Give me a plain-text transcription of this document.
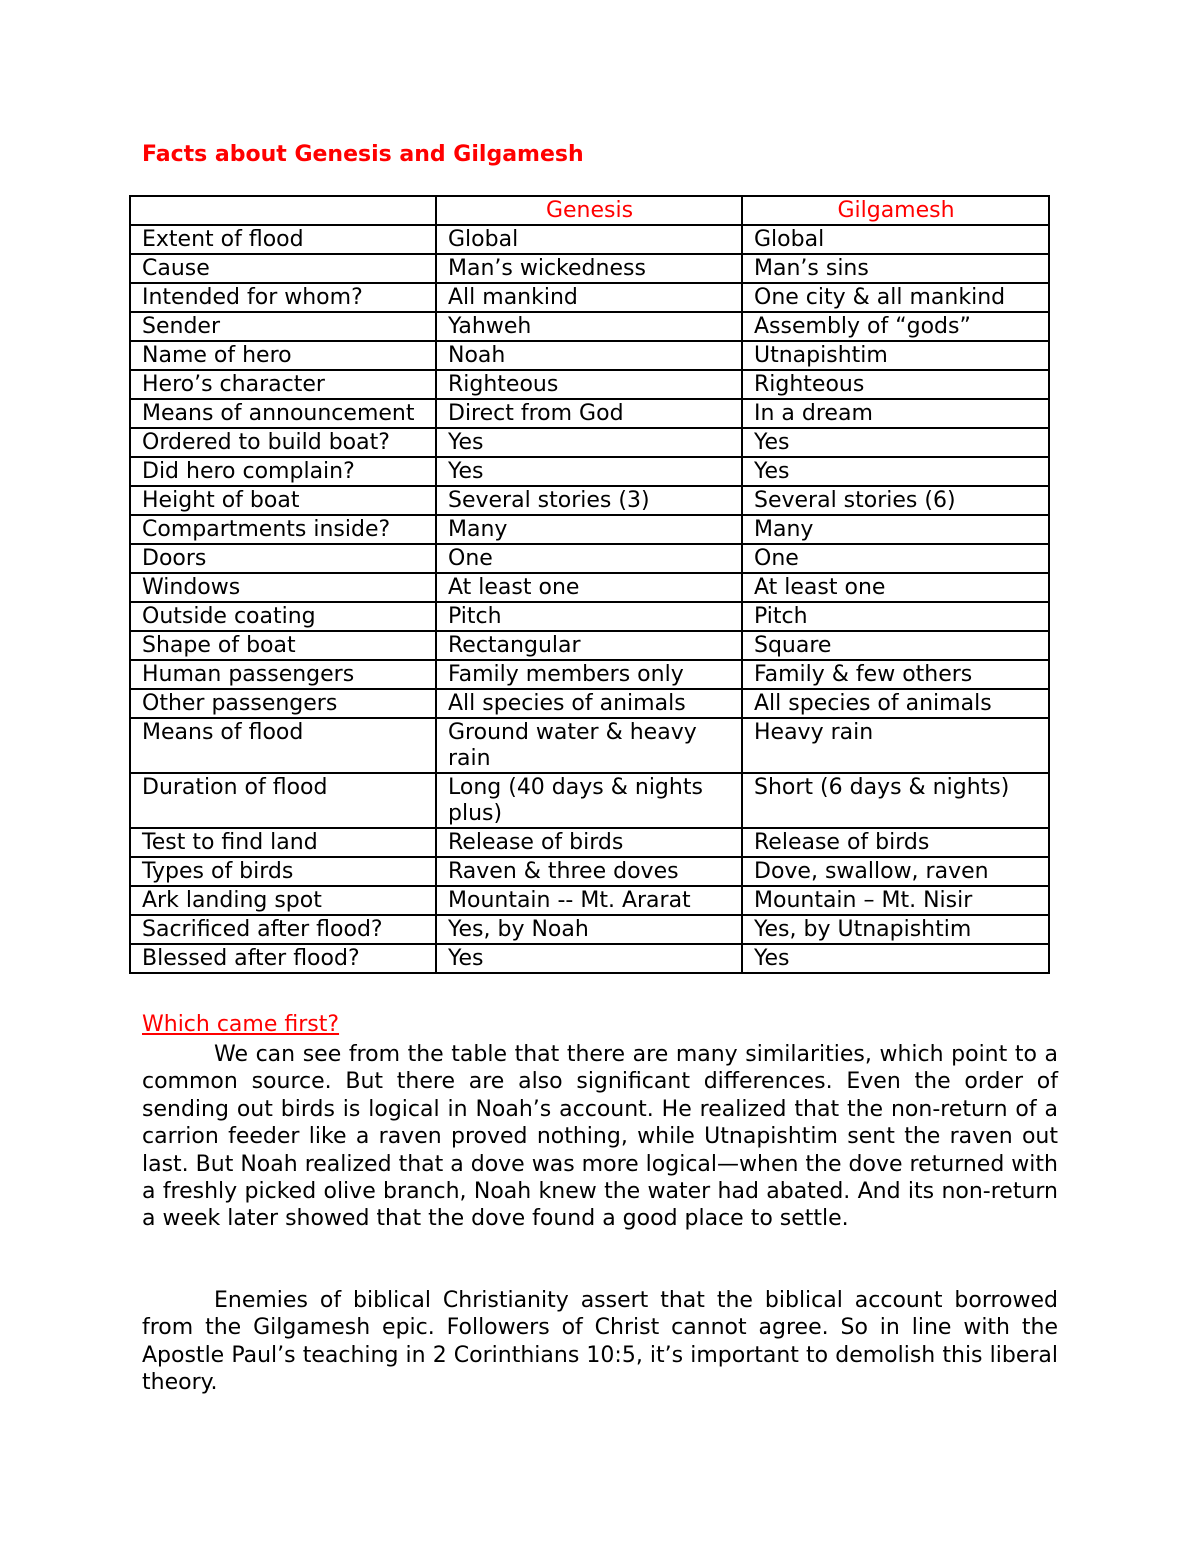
Facts about Genesis and Gilgamesh
	Genesis	Gilgamesh
Extent of flood	Global	Global
Cause	Man’s wickedness	Man’s sins
Intended for whom?	All mankind	One city & all mankind
Sender	Yahweh	Assembly of “gods”
Name of hero	Noah	Utnapishtim
Hero’s character	Righteous	Righteous
Means of announcement	Direct from God	In a dream
Ordered to build boat?	Yes	Yes
Did hero complain?	Yes	Yes
Height of boat	Several stories (3)	Several stories (6)
Compartments inside?	Many	Many
Doors	One	One
Windows	At least one	At least one
Outside coating	Pitch	Pitch
Shape of boat	Rectangular	Square
Human passengers	Family members only	Family & few others
Other passengers	All species of animals	All species of animals
Means of flood	Ground water & heavy rain	Heavy rain
Duration of flood	Long (40 days & nights plus)	Short (6 days & nights)
Test to find land	Release of birds	Release of birds
Types of birds	Raven & three doves	Dove, swallow, raven
Ark landing spot	Mountain -- Mt. Ararat	Mountain – Mt. Nisir
Sacrificed after flood?	Yes, by Noah	Yes, by Utnapishtim
Blessed after flood?	Yes	Yes
Which came first?

We can see from the table that there are many similarities, which point to a common source. But there are also significant differences. Even the order of sending out birds is logical in Noah’s account. He realized that the non-return of a carrion feeder like a raven proved nothing, while Utnapishtim sent the raven out last. But Noah realized that a dove was more logical—when the dove returned with a freshly picked olive branch, Noah knew the water had abated. And its non-return a week later showed that the dove found a good place to settle.

Enemies of biblical Christianity assert that the biblical account borrowed from the Gilgamesh epic. Followers of Christ cannot agree. So in line with the Apostle Paul’s teaching in 2 Corinthians 10:5, it’s important to demolish this liberal theory.
